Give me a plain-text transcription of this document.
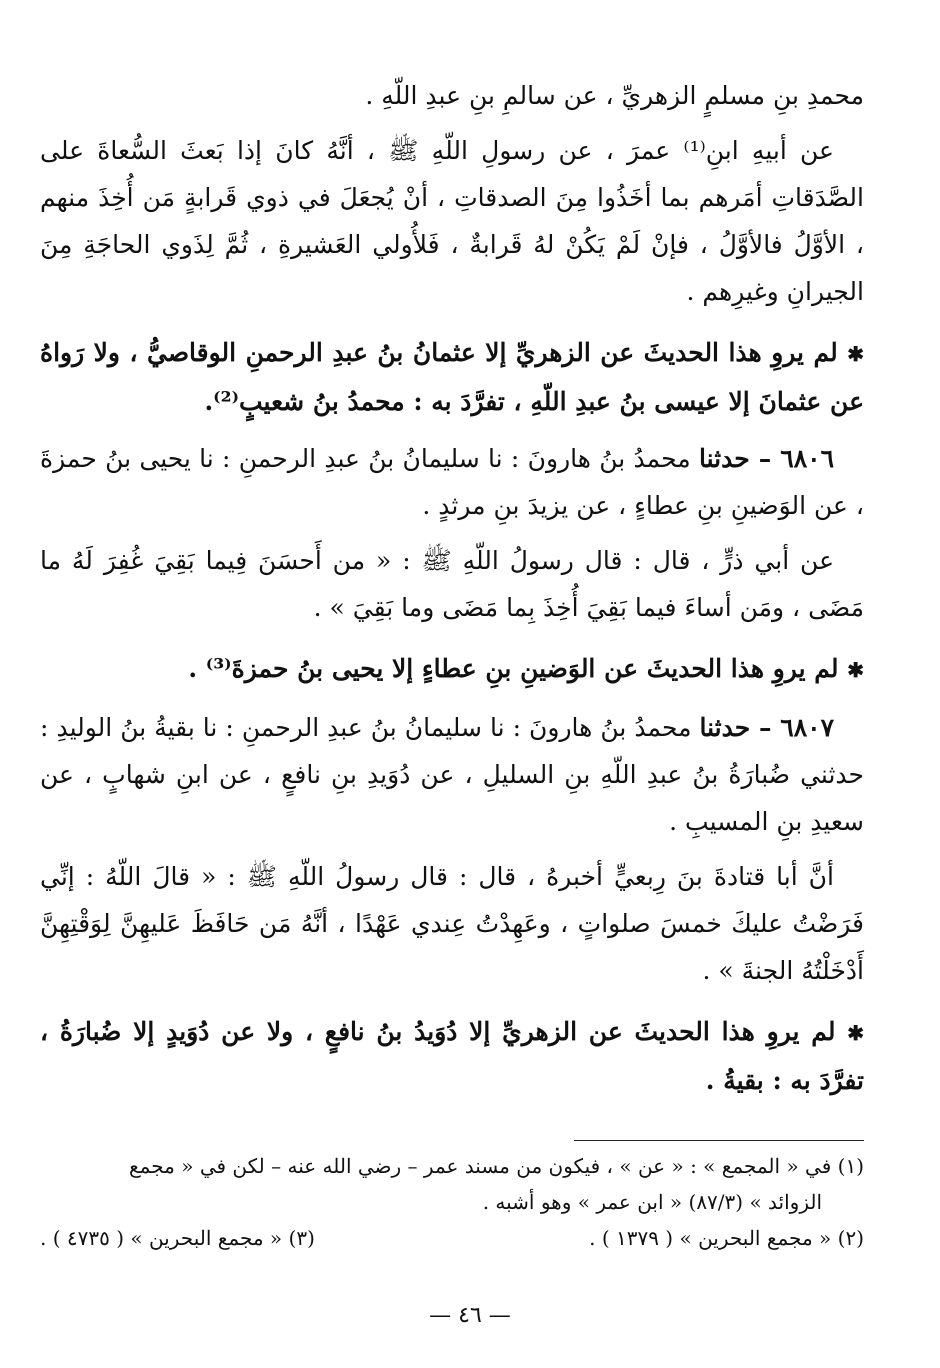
محمدِ بنِ مسلمٍ الزهريِّ ، عن سالمِ بنِ عبدِ اللّهِ .

عن أبيهِ ابنِ⁽¹⁾ عمرَ ، عن رسولِ اللّهِ ﷺ ، أنَّهُ كانَ إذا بَعثَ السُّعاةَ على الصَّدَقاتِ أمَرهم بما أخَذُوا مِنَ الصدقاتِ ، أنْ يُجعَلَ في ذوي قَرابةٍ مَن أُخِذَ منهم ، الأوَّلُ فالأوَّلُ ، فإنْ لَمْ يَكُنْ لهُ قَرابةٌ ، فَلأُولي العَشيرةِ ، ثُمَّ لِذَوي الحاجَةِ مِنَ الجيرانِ وغيرِهم .

✱ لم يروِ هذا الحديثَ عن الزهريِّ إلا عثمانُ بنُ عبدِ الرحمنِ الوقاصيُّ ، ولا رَواهُ عن عثمانَ إلا عيسى بنُ عبدِ اللّهِ ، تفرَّدَ به : محمدُ بنُ شعيبٍ⁽²⁾.

٦٨٠٦ – حدثنا محمدُ بنُ هارونَ : نا سليمانُ بنُ عبدِ الرحمنِ : نا يحيى بنُ حمزةَ ، عن الوَضينِ بنِ عطاءٍ ، عن يزيدَ بنِ مرثدٍ .

عن أبي ذرٍّ ، قال : قال رسولُ اللّهِ ﷺ : « من أَحسَنَ فِيما بَقِيَ غُفِرَ لَهُ ما مَضَى ، ومَن أساءَ فيما بَقِيَ أُخِذَ بِما مَضَى وما بَقِيَ » .

✱ لم يروِ هذا الحديثَ عن الوَضينِ بنِ عطاءٍ إلا يحيى بنُ حمزةَ⁽³⁾ .

٦٨٠٧ – حدثنا محمدُ بنُ هارونَ : نا سليمانُ بنُ عبدِ الرحمنِ : نا بقيةُ بنُ الوليدِ : حدثني ضُبارَةُ بنُ عبدِ اللّهِ بنِ السليلِ ، عن دُوَيدِ بنِ نافعٍ ، عن ابنِ شهابٍ ، عن سعيدِ بنِ المسيبِ .

أنَّ أبا قتادةَ بنَ رِبعيٍّ أخبرهُ ، قال : قال رسولُ اللّهِ ﷺ : « قالَ اللّهُ : إنِّي فَرَضْتُ عليكَ خمسَ صلواتٍ ، وعَهِدْتُ عِندي عَهْدًا ، أنَّهُ مَن حَافَظَ عَليهِنَّ لِوَقْتِهِنَّ أَدْخَلْتُهُ الجنةَ » .

✱ لم يروِ هذا الحديثَ عن الزهريِّ إلا دُوَيدُ بنُ نافعٍ ، ولا عن دُوَيدٍ إلا ضُبارَةُ ، تفرَّدَ به : بقيةُ .

(١) في « المجمع » : « عن » ، فيكون من مسند عمر – رضي الله عنه – لكن في « مجمع
الزوائد » (٨٧/٣) « ابن عمر » وهو أشبه .
(٢) « مجمع البحرين » ( ١٣٧٩ ) .
(٣) « مجمع البحرين » ( ٤٧٣٥ ) .
— ٤٦ —
